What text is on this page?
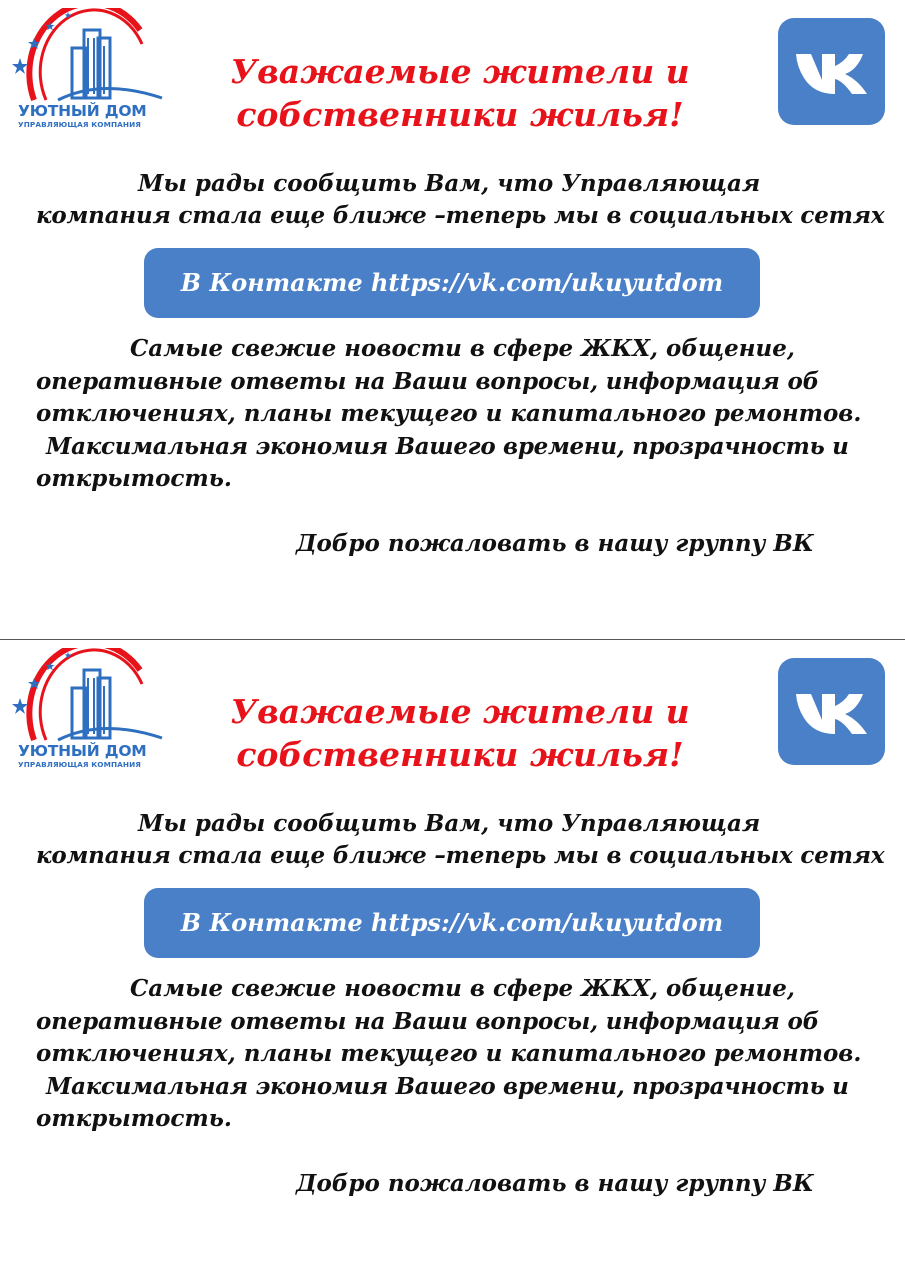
УЮТНЫЙ ДОМ
УПРАВЛЯЮЩАЯ КОМПАНИЯ
Уважаемые жители и
собственники жилья!
Мы рады сообщить Вам, что Управляющая
компания стала еще ближе –теперь мы в социальных сетях
В Контакте https://vk.com/ukuyutdom
Самые свежие новости в сфере ЖКХ, общение,
оперативные ответы на Ваши вопросы, информация об
отключениях, планы текущего и капитального ремонтов.
Максимальная экономия Вашего времени, прозрачность и
открытость.
Добро пожаловать в нашу группу ВК
УЮТНЫЙ ДОМ
УПРАВЛЯЮЩАЯ КОМПАНИЯ
Уважаемые жители и
собственники жилья!
Мы рады сообщить Вам, что Управляющая
компания стала еще ближе –теперь мы в социальных сетях
В Контакте https://vk.com/ukuyutdom
Самые свежие новости в сфере ЖКХ, общение,
оперативные ответы на Ваши вопросы, информация об
отключениях, планы текущего и капитального ремонтов.
Максимальная экономия Вашего времени, прозрачность и
открытость.
Добро пожаловать в нашу группу ВК
